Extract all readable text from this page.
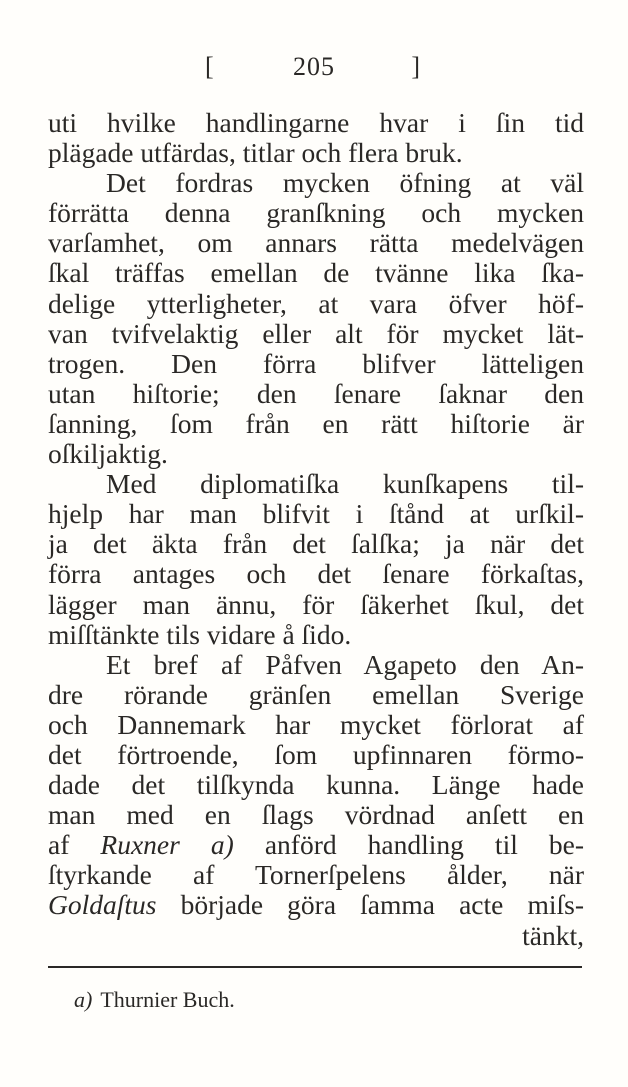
[	205	]
uti hvilke handlingarne hvar i ſin tid
plägade utfärdas, titlar och flera bruk.
Det fordras mycken öfning at väl
förrätta denna granſkning och mycken
varſamhet, om annars rätta medelvägen
ſkal träffas emellan de tvänne lika ſka-
delige ytterligheter, at vara öfver höf-
van tvifvelaktig eller alt för mycket lät-
trogen. Den förra blifver lätteligen
utan hiſtorie; den ſenare ſaknar den
ſanning, ſom från en rätt hiſtorie är
oſkiljaktig.
Med diplomatiſka kunſkapens til-
hjelp har man blifvit i ſtånd at urſkil-
ja det äkta från det ſalſka; ja när det
förra antages och det ſenare förkaſtas,
lägger man ännu, för ſäkerhet ſkul, det
miſſtänkte tils vidare å ſido.
Et bref af Påfven Agapeto den An-
dre rörande gränſen emellan Sverige
och Dannemark har mycket förlorat af
det förtroende, ſom upfinnaren förmo-
dade det tilſkynda kunna. Länge hade
man med en ſlags vördnad anſett en
af Ruxner a) anförd handling til be-
ſtyrkande af Tornerſpelens ålder, när
Goldaſtus började göra ſamma acte miſs-
tänkt,
a) Thurnier Buch.
